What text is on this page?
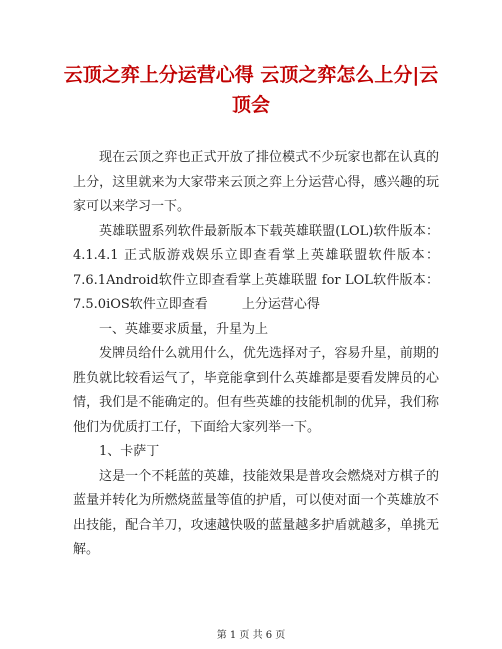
云顶之弈上分运营心得 云顶之弈怎么上分|云顶会

现在云顶之弈也正式开放了排位模式不少玩家也都在认真的上分，这里就来为大家带来云顶之弈上分运营心得，感兴趣的玩家可以来学习一下。

英雄联盟系列软件最新版本下载英雄联盟(LOL)软件版本：4.1.4.1 正式版游戏娱乐立即查看掌上英雄联盟软件版本：7.6.1Android软件立即查看掌上英雄联盟 for LOL软件版本：7.5.0iOS软件立即查看	上分运营心得

一、英雄要求质量，升星为上

发牌员给什么就用什么，优先选择对子，容易升星，前期的胜负就比较看运气了，毕竟能拿到什么英雄都是要看发牌员的心情，我们是不能确定的。但有些英雄的技能机制的优异，我们称他们为优质打工仔，下面给大家列举一下。

1、卡萨丁

这是一个不耗蓝的英雄，技能效果是普攻会燃烧对方棋子的蓝量并转化为所燃烧蓝量等值的护盾，可以使对面一个英雄放不出技能，配合羊刀，攻速越快吸的蓝量越多护盾就越多，单挑无解。

第 1 页 共 6 页
